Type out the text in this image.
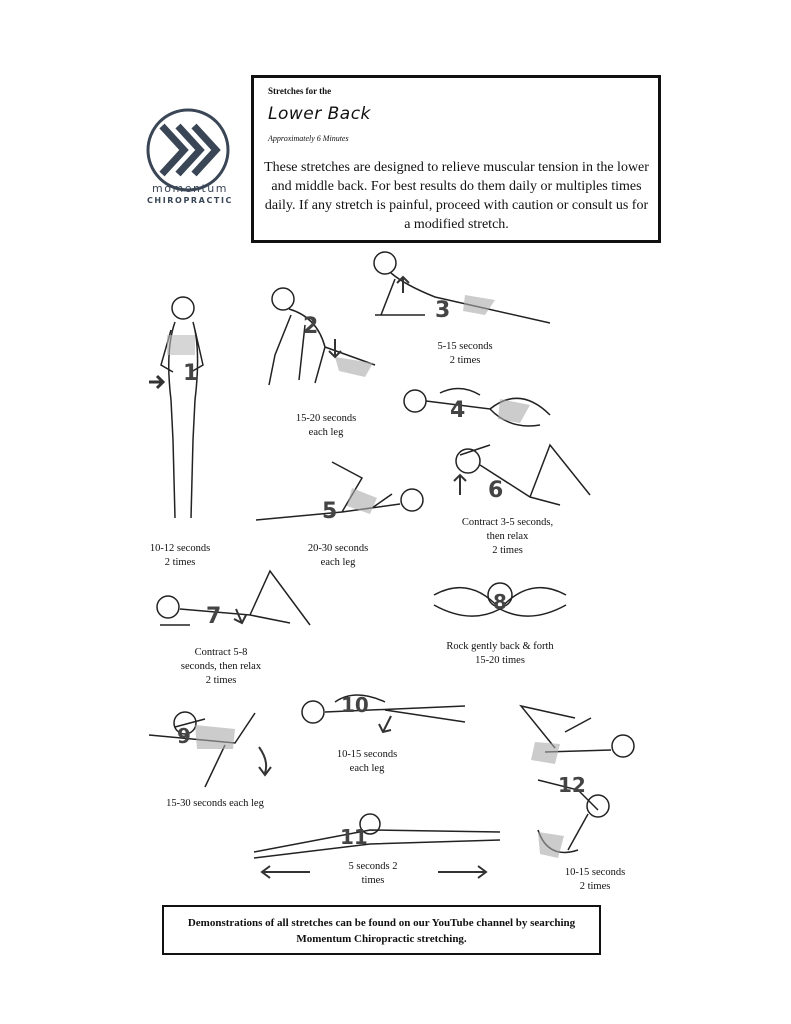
momentum
CHIROPRACTIC
Stretches for the
Lower Back
Approximately 6 Minutes
These stretches are designed to relieve muscular tension in the lower and middle back. For best results do them daily or multiples times daily. If any stretch is painful, proceed with caution or consult us for a modified stretch.
1
2
3
4
5
6
7
8
9
10
12
11
10-12 seconds
2 times
15-20 seconds
each leg
5-15 seconds
2 times
20-30 seconds
each leg
Contract 3-5 seconds,
then relax
2 times
Contract 5-8
seconds, then relax
2 times
Rock gently back & forth
15-20 times
15-30 seconds each leg
10-15 seconds
each leg
5 seconds 2
times
10-15 seconds
2 times
Demonstrations of all stretches can be found on our YouTube channel by searching Momentum Chiropractic stretching.
